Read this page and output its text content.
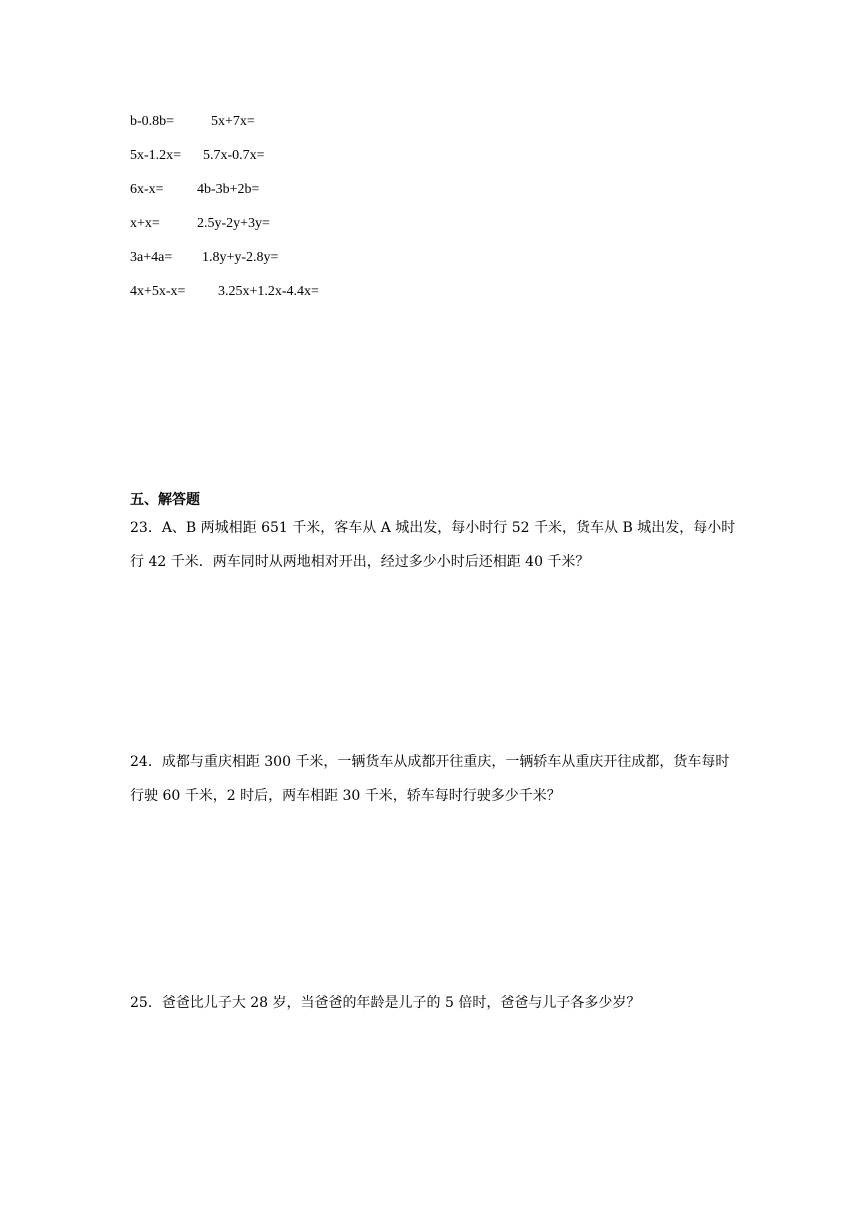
b-0.8b=	5x+7x=
5x-1.2x= 5.7x-0.7x=
6x-x= 4b-3b+2b=
x+x=	2.5y-2y+3y=
3a+4a= 1.8y+y-2.8y=
4x+5x-x= 3.25x+1.2x-4.4x=
五、解答题
23．A、B 两城相距 651 千米，客车从 A 城出发，每小时行 52 千米，货车从 B 城出发，每小时行 42 千米．两车同时从两地相对开出，经过多少小时后还相距 40 千米？
24．成都与重庆相距 300 千米，一辆货车从成都开往重庆，一辆轿车从重庆开往成都，货车每时行驶 60 千米，2 时后，两车相距 30 千米，轿车每时行驶多少千米？
25．爸爸比儿子大 28 岁，当爸爸的年龄是儿子的 5 倍时，爸爸与儿子各多少岁？
